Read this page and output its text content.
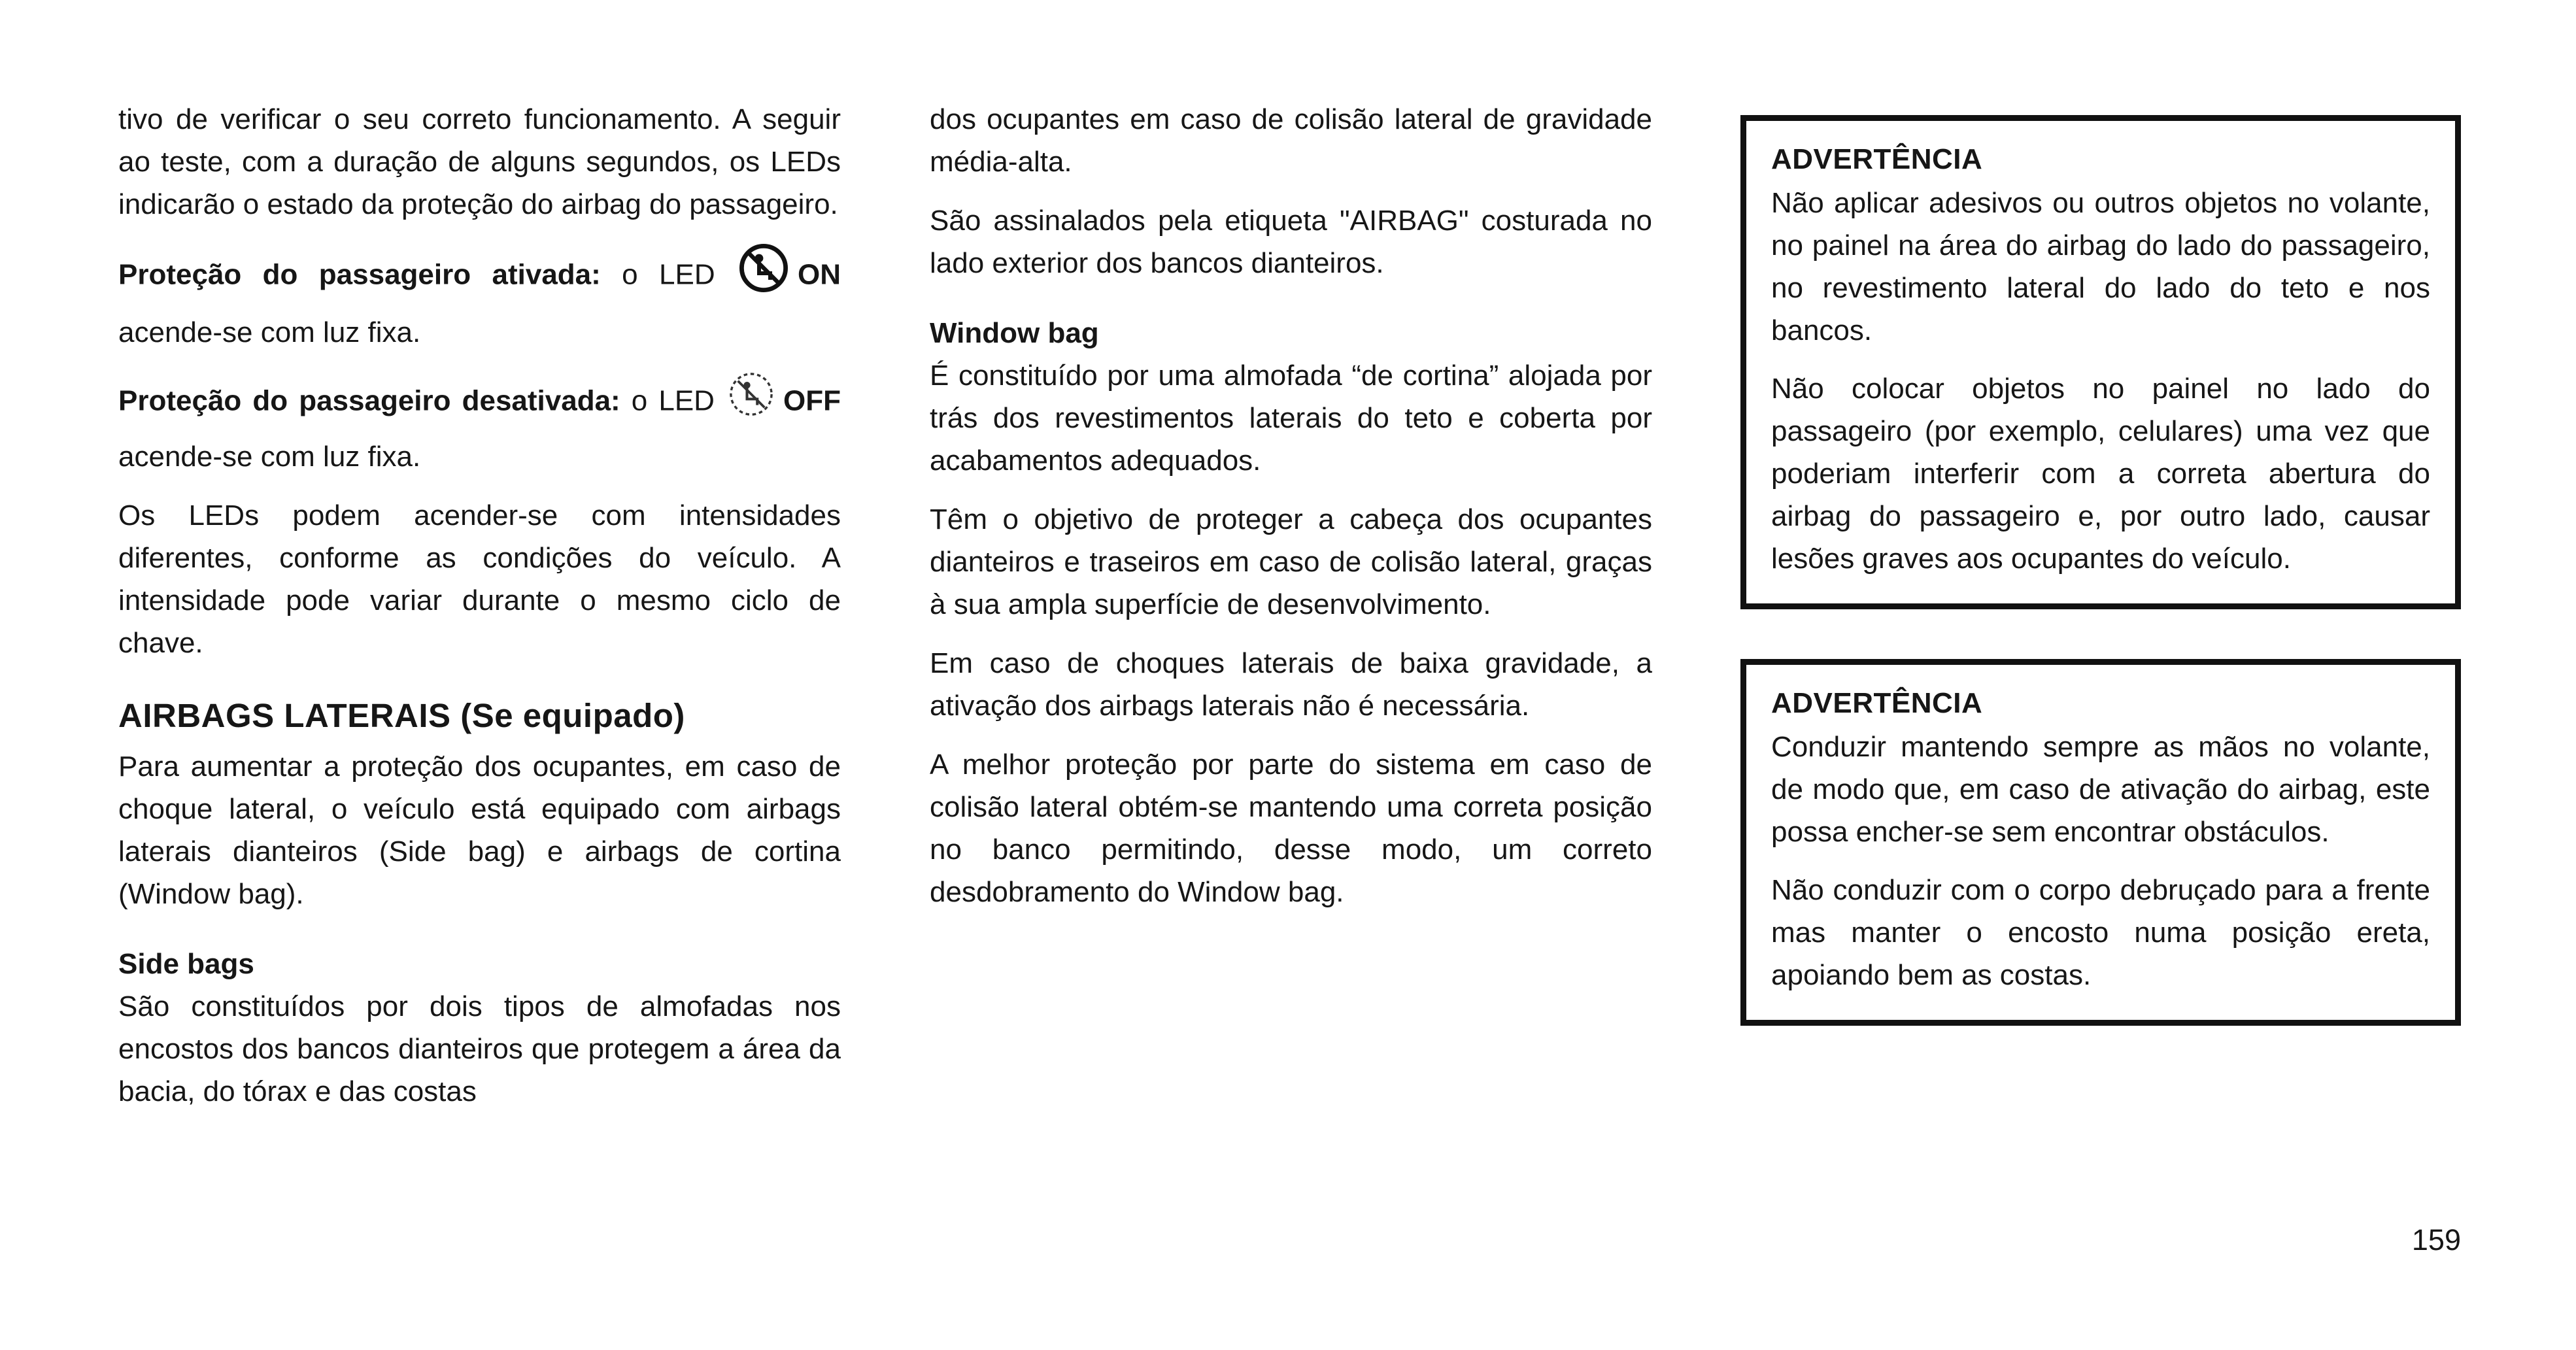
tivo de verificar o seu correto funcionamento. A seguir ao teste, com a duração de alguns segundos, os LEDs indicarão o estado da proteção do airbag do passageiro.

Proteção do passageiro ativada: o LED ON acende-se com luz fixa.

Proteção do passageiro desativada: o LED OFF acende-se com luz fixa.

Os LEDs podem acender-se com intensidades diferentes, conforme as condições do veículo. A intensidade pode variar durante o mesmo ciclo de chave.

AIRBAGS LATERAIS (Se equipado)

Para aumentar a proteção dos ocupantes, em caso de choque lateral, o veículo está equipado com airbags laterais dianteiros (Side bag) e airbags de cortina (Window bag).

Side bags

São constituídos por dois tipos de almofadas nos encostos dos bancos dianteiros que protegem a área da bacia, do tórax e das costas

dos ocupantes em caso de colisão lateral de gravidade média-alta.

São assinalados pela etiqueta "AIRBAG" costurada no lado exterior dos bancos dianteiros.

Window bag

É constituído por uma almofada “de cortina” alojada por trás dos revestimentos laterais do teto e coberta por acabamentos adequados.

Têm o objetivo de proteger a cabeça dos ocupantes dianteiros e traseiros em caso de colisão lateral, graças à sua ampla superfície de desenvolvimento.

Em caso de choques laterais de baixa gravidade, a ativação dos airbags laterais não é necessária.

A melhor proteção por parte do sistema em caso de colisão lateral obtém-se mantendo uma correta posição no banco permitindo, desse modo, um correto desdobramento do Window bag.

ADVERTÊNCIA

Não aplicar adesivos ou outros objetos no volante, no painel na área do airbag do lado do passageiro, no revestimento lateral do lado do teto e nos bancos.

Não colocar objetos no painel no lado do passageiro (por exemplo, celulares) uma vez que poderiam interferir com a correta abertura do airbag do passageiro e, por outro lado, causar lesões graves aos ocupantes do veículo.

ADVERTÊNCIA

Conduzir mantendo sempre as mãos no volante, de modo que, em caso de ativação do airbag, este possa encher-se sem encontrar obstáculos.

Não conduzir com o corpo debruçado para a frente mas manter o encosto numa posição ereta, apoiando bem as costas.

159
